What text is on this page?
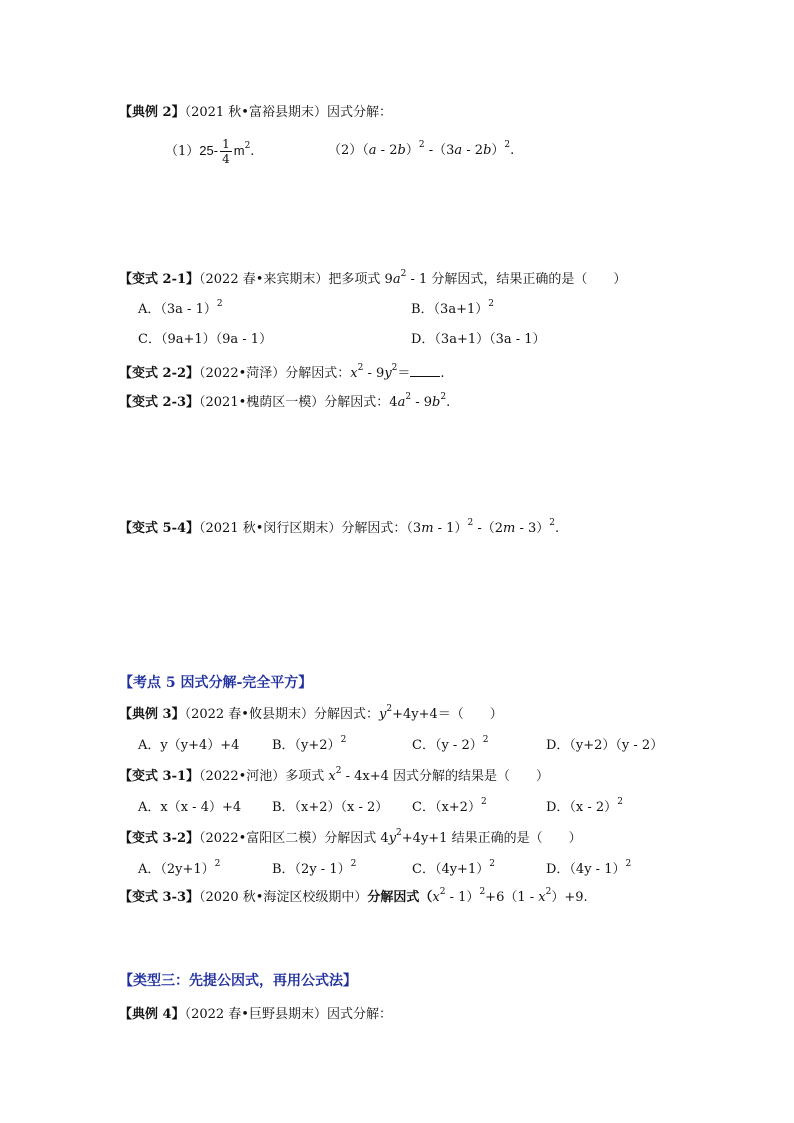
【典例 2】（2021 秋•富裕县期末）因式分解：
$(1)25- \frac{1}{4} m^2$.	（2）（a - 2b）$^2$ -（3a - 2b）$^2$.
【变式 2-1】（2022 春•来宾期末）把多项式 $9a^2 - 1$ 分解因式，结果正确的是（　　）
A．（3a - 1）$^2$	B．$(3a+1)^2$
C．（9a+1）（9a - 1）	D．（3a+1）（3a - 1）
【变式 2-2】（2022•菏泽）分解因式：$x^2 - 9y^2=$ .
【变式 2-3】（2021•槐荫区一模）分解因式：$4a^2 - 9b^2$.
【变式 5-4】（2021 秋•闵行区期末）分解因式：（3m - 1）$^2$ -（2m - 3）$^2$.
【考点 5 因式分解-完全平方】
【典例 3】（2022 春•攸县期末）分解因式：$y^2+4y+4=$（　　）
A．y（y+4）+4	B．$(y+2)^2$	C．（y - 2）$^2$	D．（y+2）（y - 2）
【变式 3-1】（2022•河池）多项式 $x^2 - 4x+4$ 因式分解的结果是（　　）
A．x（x - 4）+4 B．（x+2）（x - 2） C．$(x+2)^2$	D．（x - 2）$^2$
【变式 3-2】（2022•富阳区二模）分解因式 $4y^2+4y+1$ 结果正确的是（　　）
A．$(2y+1)^2$	B．（2y - 1）$^2$	C．$(4y+1)^2$	D．（4y - 1）$^2$
【变式 3-3】（2020 秋•海淀区校级期中）分解因式$(x^2 - 1)^2+6(1 - x^2)+9$.
【类型三：先提公因式，再用公式法】
【典例 4】（2022 春•巨野县期末）因式分解：
